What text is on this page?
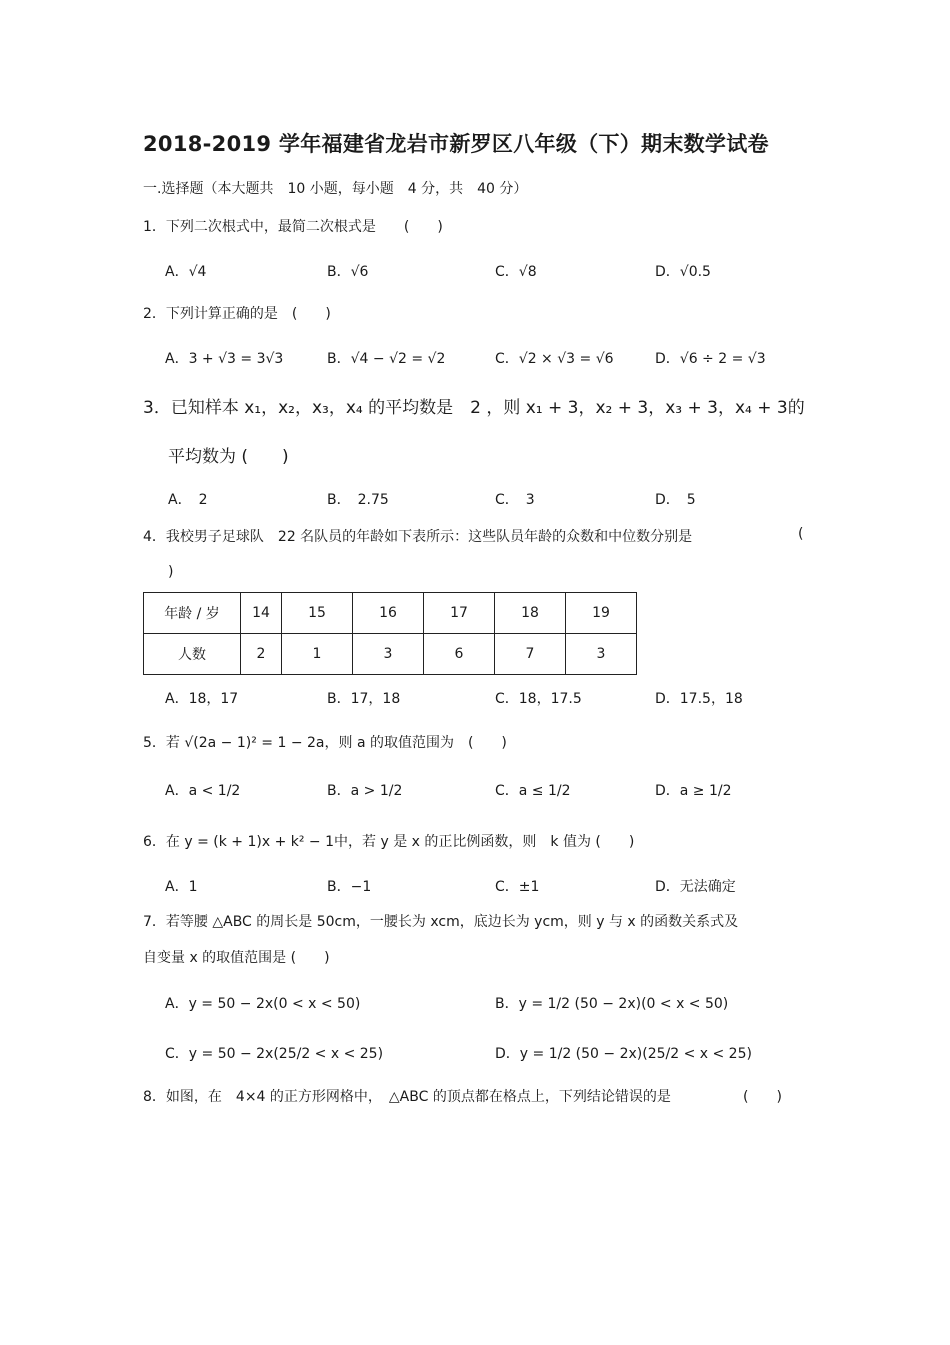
2018-2019 学年福建省龙岩市新罗区八年级（下）期末数学试卷
一.选择题（本大题共　10 小题，每小题　4 分，共　40 分）
1．下列二次根式中，最简二次根式是　　(　　)
A．√4	B．√6	C．√8	D．√0.5
2．下列计算正确的是　(　　)
A．3 + √3 = 3√3	B．√4 − √2 = √2	C．√2 × √3 = √6	D．√6 ÷ 2 = √3
3．已知样本 x₁，x₂，x₃，x₄ 的平均数是　2 ，则 x₁ + 3，x₂ + 3，x₃ + 3，x₄ + 3的
平均数为 (　　)
A．　2	B．　2.75	C．　3	D．　5
4．我校男子足球队　22 名队员的年龄如下表所示：这些队员年龄的众数和中位数分别是	(
)
年龄 / 岁	14	15	16	17	18	19
人数	2	1	3	6	7	3
A．18，17	B．17，18	C．18，17.5	D．17.5，18
5．若 √(2a − 1)² = 1 − 2a，则 a 的取值范围为　(　　)
A．a < 1/2	B．a > 1/2	C．a ≤ 1/2	D．a ≥ 1/2
6．在 y = (k + 1)x + k² − 1中，若 y 是 x 的正比例函数，则　k 值为 (　　)
A．1	B．−1	C．±1	D．无法确定
7．若等腰 △ABC 的周长是 50cm，一腰长为 xcm，底边长为 ycm，则 y 与 x 的函数关系式及
自变量 x 的取值范围是 (　　)
A．y = 50 − 2x(0 < x < 50)	B．y = 1/2 (50 − 2x)(0 < x < 50)
C．y = 50 − 2x(25/2 < x < 25)	D．y = 1/2 (50 − 2x)(25/2 < x < 25)
8．如图，在　4×4 的正方形网格中，　△ABC 的顶点都在格点上，下列结论错误的是	(　　)
